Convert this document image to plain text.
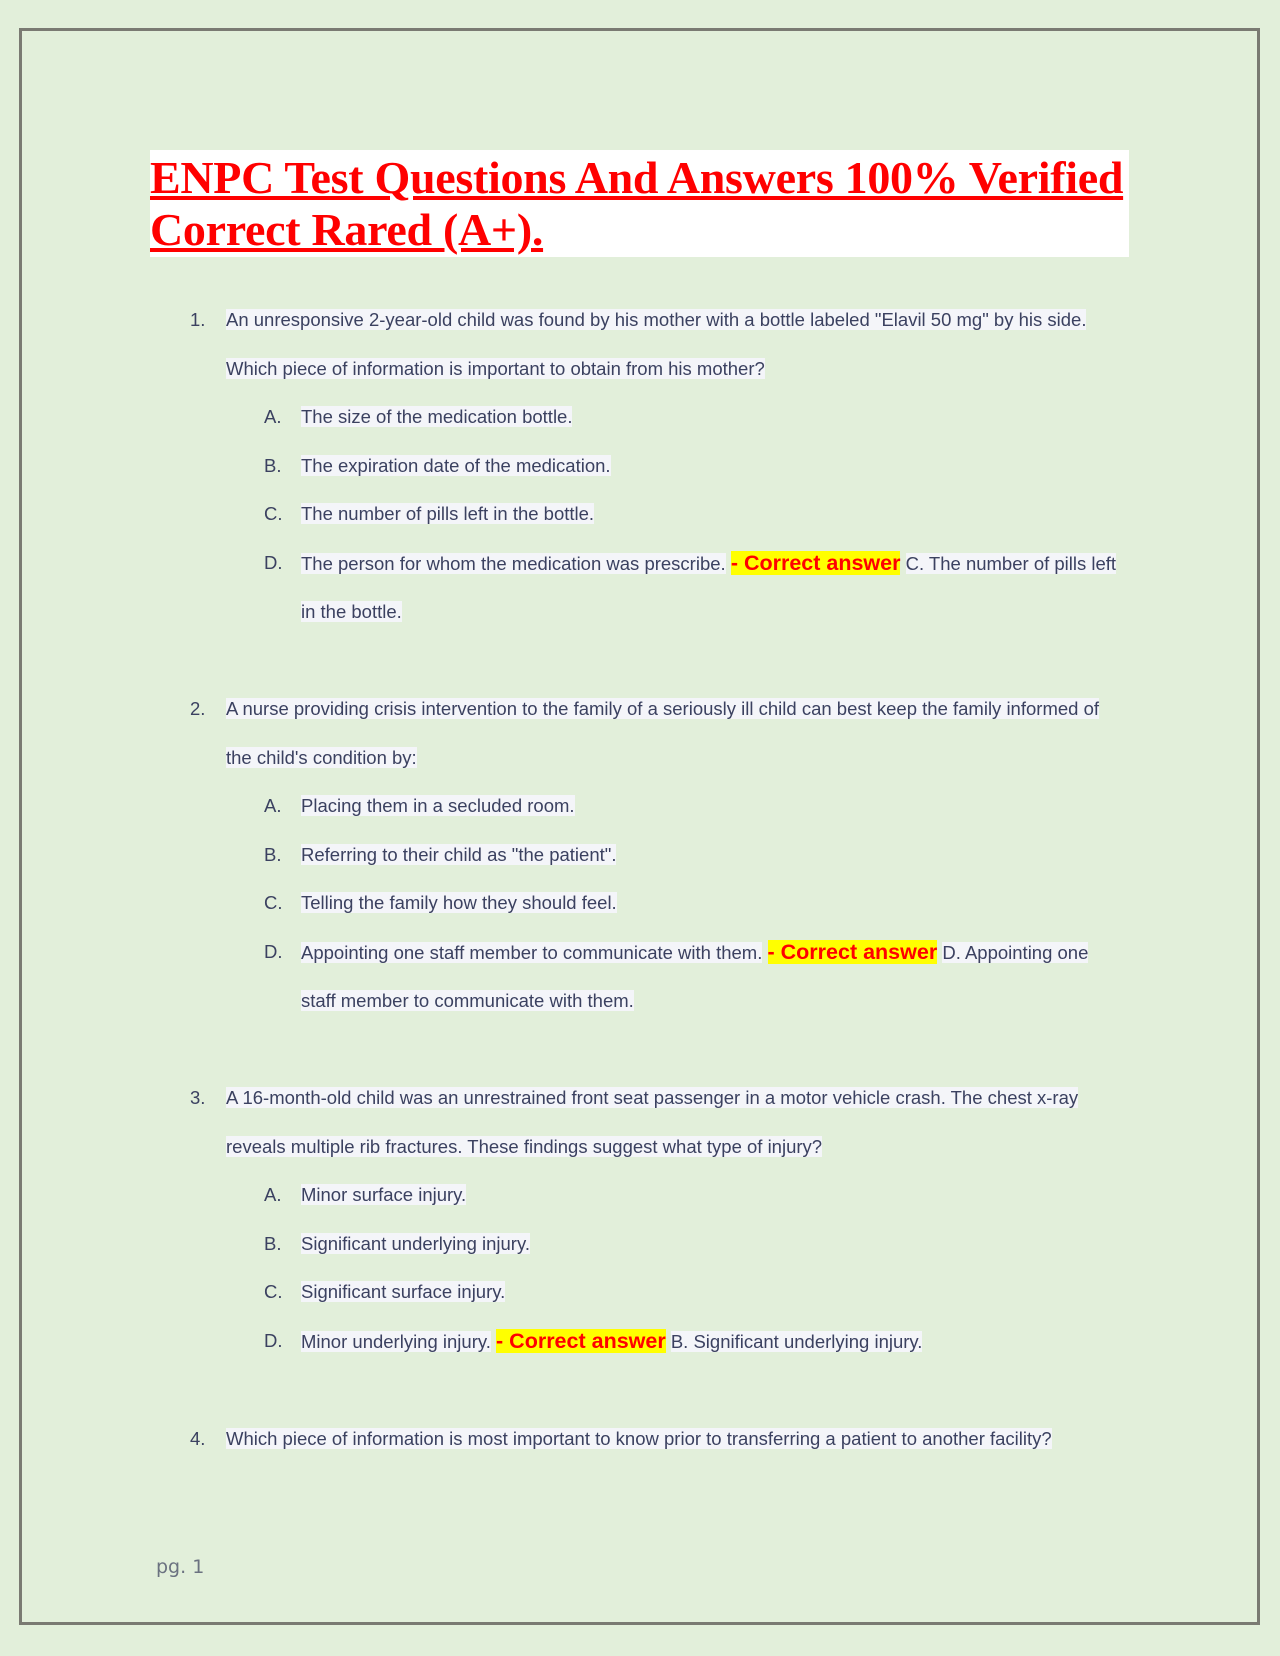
ENPC Test Questions And Answers 100% Verified Correct Rared (A+).
1. An unresponsive 2-year-old child was found by his mother with a bottle labeled "Elavil 50 mg" by his side. Which piece of information is important to obtain from his mother?
A. The size of the medication bottle.
B. The expiration date of the medication.
C. The number of pills left in the bottle.
D. The person for whom the medication was prescribe. - Correct answer C. The number of pills left in the bottle.
2. A nurse providing crisis intervention to the family of a seriously ill child can best keep the family informed of the child's condition by:
A. Placing them in a secluded room.
B. Referring to their child as "the patient".
C. Telling the family how they should feel.
D. Appointing one staff member to communicate with them. - Correct answer D. Appointing one staff member to communicate with them.
3. A 16-month-old child was an unrestrained front seat passenger in a motor vehicle crash. The chest x-ray reveals multiple rib fractures. These findings suggest what type of injury?
A. Minor surface injury.
B. Significant underlying injury.
C. Significant surface injury.
D. Minor underlying injury. - Correct answer B. Significant underlying injury.
4. Which piece of information is most important to know prior to transferring a patient to another facility?
pg. 1
